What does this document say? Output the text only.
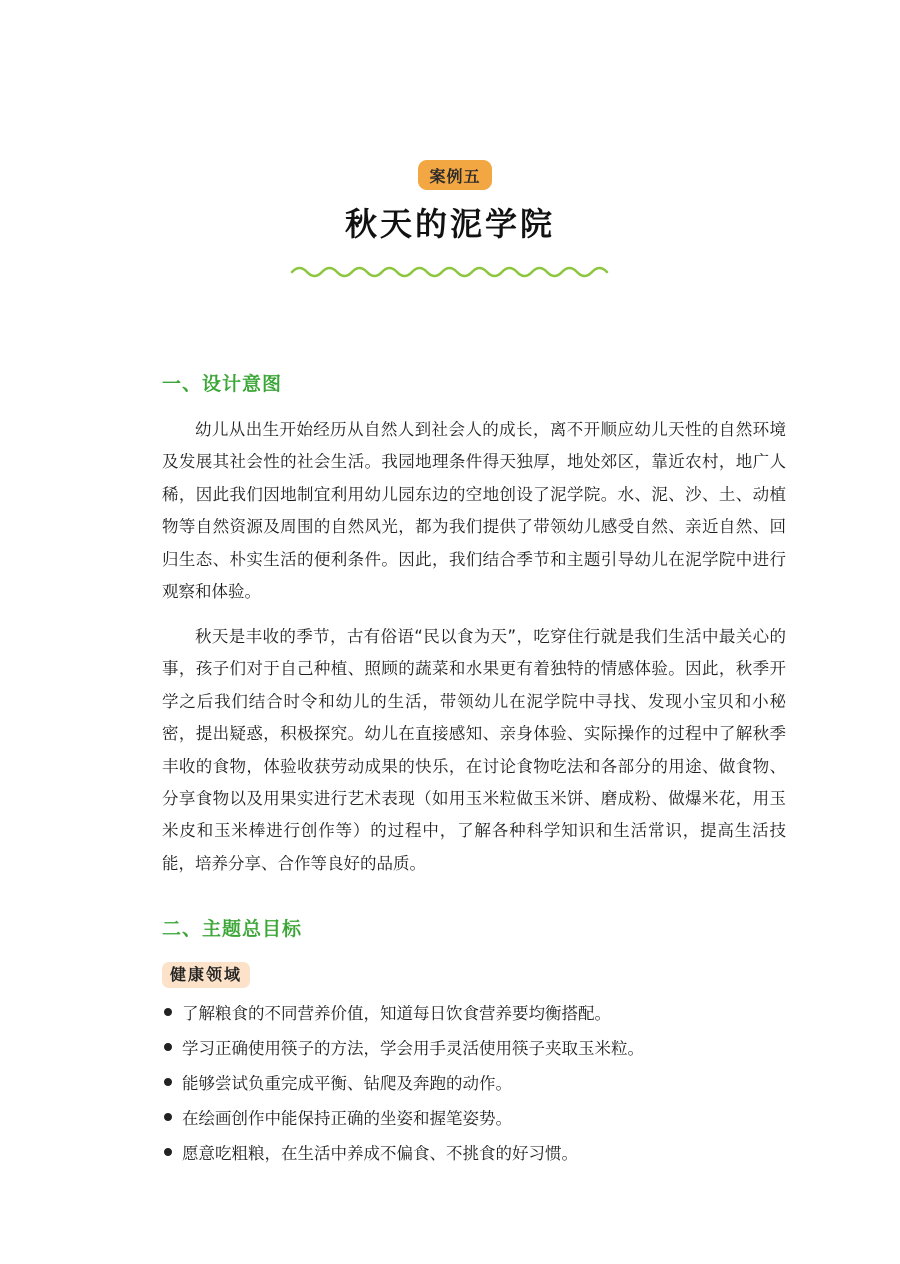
案例五
秋天的泥学院
一、设计意图

幼儿从出生开始经历从自然人到社会人的成长，离不开顺应幼儿天性的自然环境及发展其社会性的社会生活。我园地理条件得天独厚，地处郊区，靠近农村，地广人稀，因此我们因地制宜利用幼儿园东边的空地创设了泥学院。水、泥、沙、土、动植物等自然资源及周围的自然风光，都为我们提供了带领幼儿感受自然、亲近自然、回归生态、朴实生活的便利条件。因此，我们结合季节和主题引导幼儿在泥学院中进行观察和体验。

秋天是丰收的季节，古有俗语“民以食为天”，吃穿住行就是我们生活中最关心的事，孩子们对于自己种植、照顾的蔬菜和水果更有着独特的情感体验。因此，秋季开学之后我们结合时令和幼儿的生活，带领幼儿在泥学院中寻找、发现小宝贝和小秘密，提出疑惑，积极探究。幼儿在直接感知、亲身体验、实际操作的过程中了解秋季丰收的食物，体验收获劳动成果的快乐，在讨论食物吃法和各部分的用途、做食物、分享食物以及用果实进行艺术表现（如用玉米粒做玉米饼、磨成粉、做爆米花，用玉米皮和玉米棒进行创作等）的过程中，了解各种科学知识和生活常识，提高生活技能，培养分享、合作等良好的品质。

二、主题总目标
健康领域
了解粮食的不同营养价值，知道每日饮食营养要均衡搭配。
学习正确使用筷子的方法，学会用手灵活使用筷子夹取玉米粒。
能够尝试负重完成平衡、钻爬及奔跑的动作。
在绘画创作中能保持正确的坐姿和握笔姿势。
愿意吃粗粮，在生活中养成不偏食、不挑食的好习惯。
